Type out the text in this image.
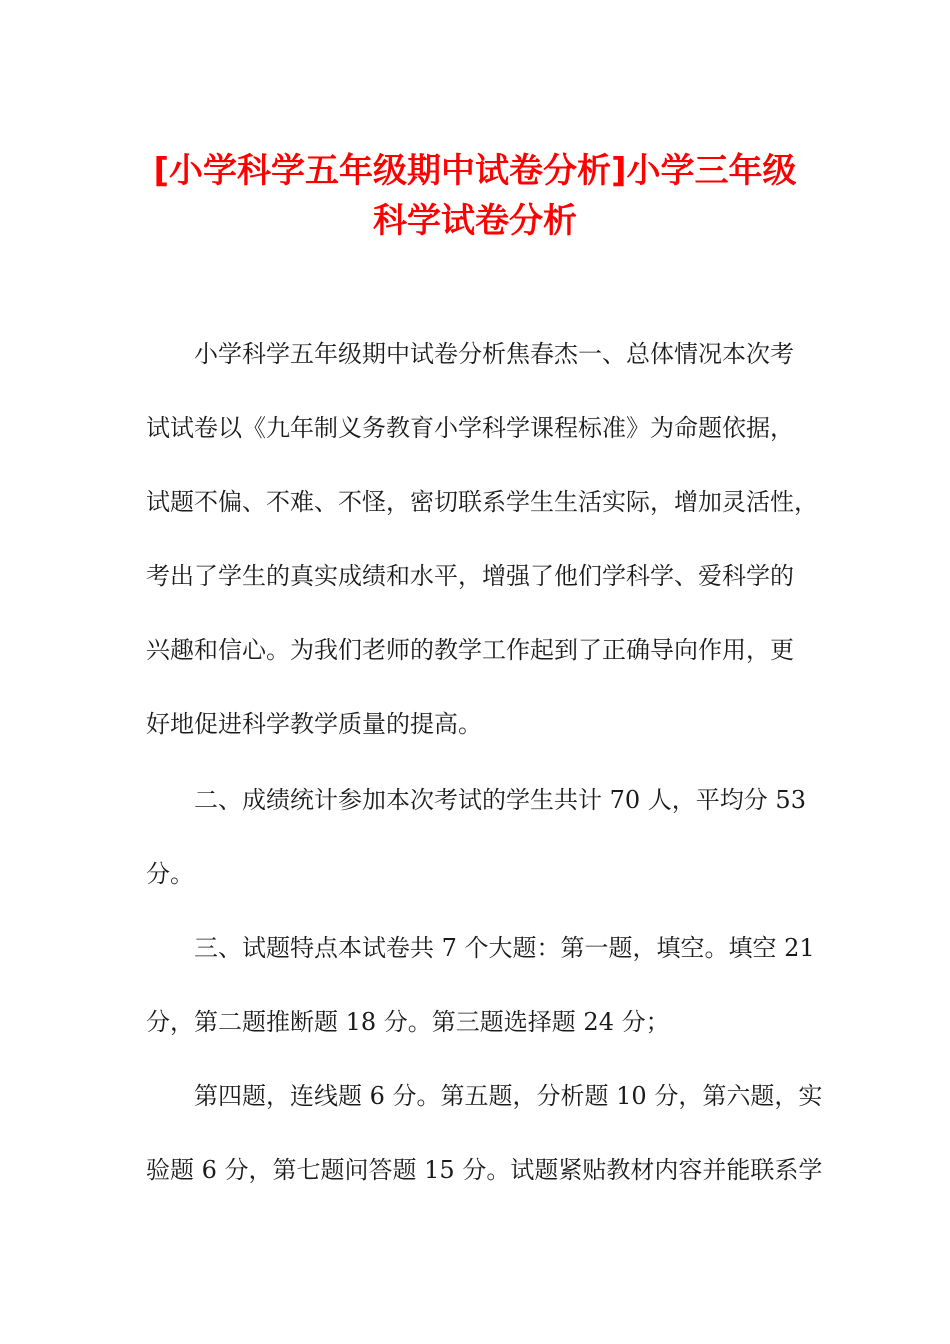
[小学科学五年级期中试卷分析]小学三年级
科学试卷分析

小学科学五年级期中试卷分析焦春杰一、总体情况本次考

试试卷以《九年制义务教育小学科学课程标准》为命题依据，

试题不偏、不难、不怪，密切联系学生生活实际，增加灵活性，

考出了学生的真实成绩和水平，增强了他们学科学、爱科学的

兴趣和信心。为我们老师的教学工作起到了正确导向作用，更

好地促进科学教学质量的提高。

二、成绩统计参加本次考试的学生共计 70 人，平均分 53

分。

三、试题特点本试卷共 7 个大题：第一题，填空。填空 21

分，第二题推断题 18 分。第三题选择题 24 分；

第四题，连线题 6 分。第五题，分析题 10 分，第六题，实

验题 6 分，第七题问答题 15 分。试题紧贴教材内容并能联系学
